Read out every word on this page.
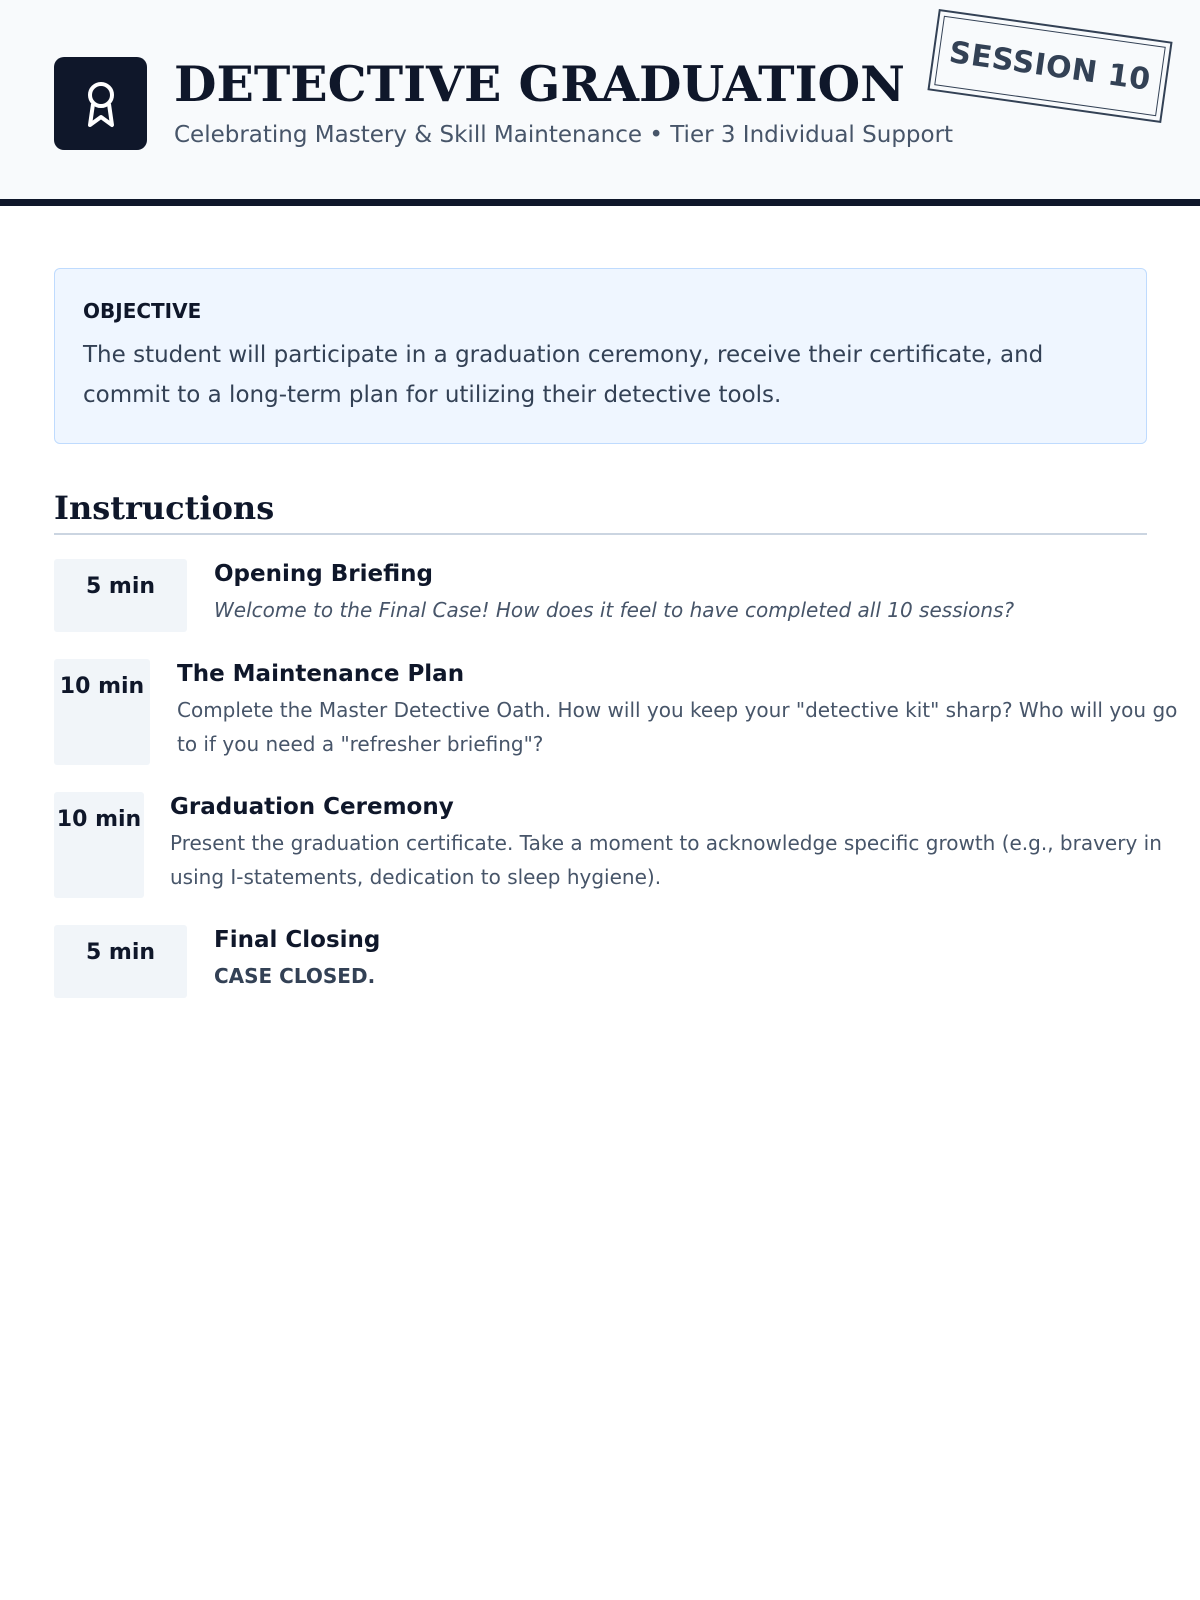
DETECTIVE GRADUATION

Celebrating Mastery & Skill Maintenance • Tier 3 Individual Support

SESSION 10

OBJECTIVE

The student will participate in a graduation ceremony, receive their certificate, and commit to a long-term plan for utilizing their detective tools.

Instructions
5 min	Opening Briefing

Welcome to the Final Case! How does it feel to have completed all 10 sessions?

10 min The Maintenance Plan

Complete the Master Detective Oath. How will you keep your "detective kit" sharp? Who will you go to if you need a "refresher briefing"?

10 min Graduation Ceremony

Present the graduation certificate. Take a moment to acknowledge specific growth (e.g., bravery in using I-statements, dedication to sleep hygiene).

5 min	Final Closing

CASE CLOSED.
